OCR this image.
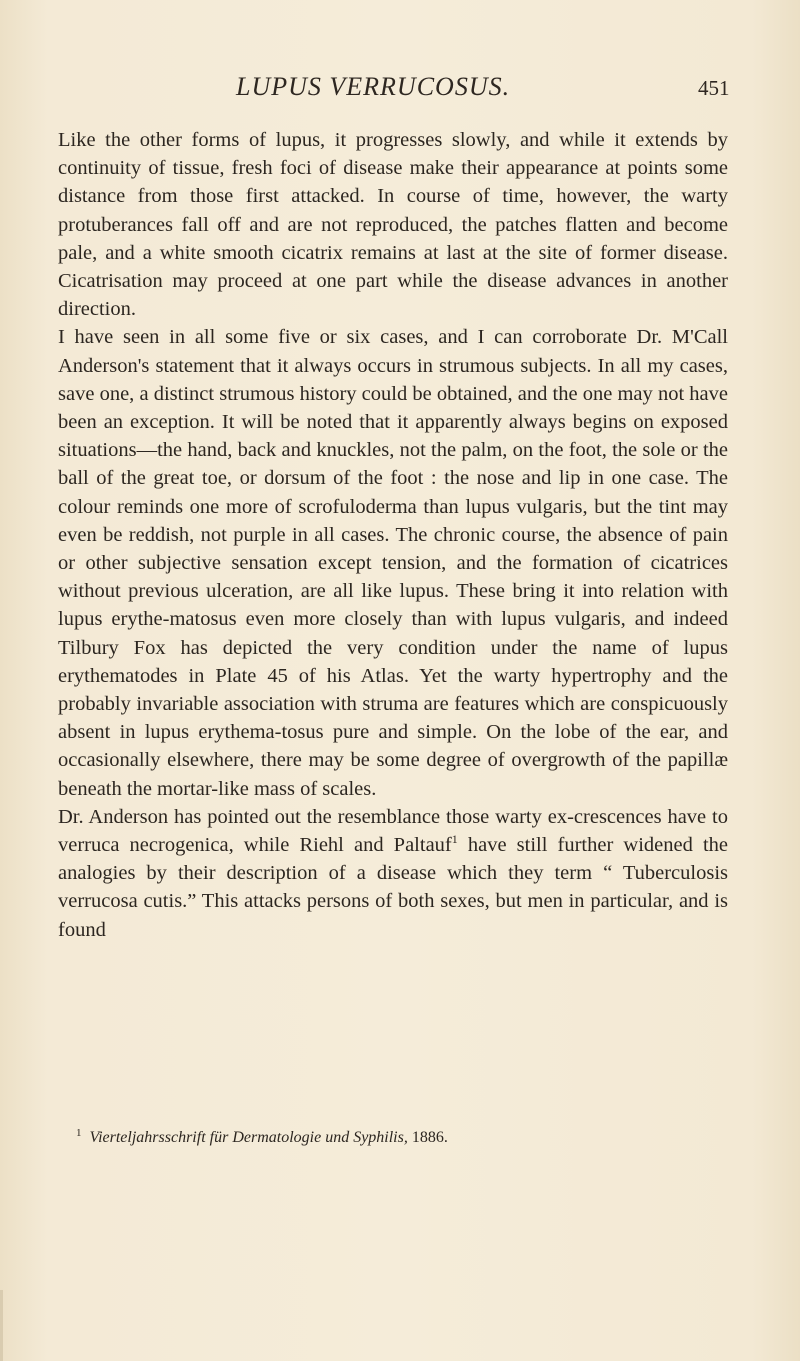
LUPUS VERRUCOSUS.	451

Like the other forms of lupus, it progresses slowly, and while it extends by continuity of tissue, fresh foci of disease make their appearance at points some distance from those first attacked. In course of time, however, the warty protuberances fall off and are not reproduced, the patches flatten and become pale, and a white smooth cicatrix remains at last at the site of former disease. Cicatrisation may proceed at one part while the disease advances in another direction.

I have seen in all some five or six cases, and I can corroborate Dr. M'Call Anderson's statement that it always occurs in strumous subjects. In all my cases, save one, a distinct strumous history could be obtained, and the one may not have been an exception. It will be noted that it apparently always begins on exposed situations—the hand, back and knuckles, not the palm, on the foot, the sole or the ball of the great toe, or dorsum of the foot : the nose and lip in one case. The colour reminds one more of scrofuloderma than lupus vulgaris, but the tint may even be reddish, not purple in all cases. The chronic course, the absence of pain or other subjective sensation except tension, and the formation of cicatrices without previous ulceration, are all like lupus. These bring it into relation with lupus erythe-matosus even more closely than with lupus vulgaris, and indeed Tilbury Fox has depicted the very condition under the name of lupus erythematodes in Plate 45 of his Atlas. Yet the warty hypertrophy and the probably invariable association with struma are features which are conspicuously absent in lupus erythema-tosus pure and simple. On the lobe of the ear, and occasionally elsewhere, there may be some degree of overgrowth of the papillæ beneath the mortar-like mass of scales.

Dr. Anderson has pointed out the resemblance those warty ex-crescences have to verruca necrogenica, while Riehl and Paltauf$^1$ have still further widened the analogies by their description of a disease which they term “ Tuberculosis verrucosa cutis.” This attacks persons of both sexes, but men in particular, and is found

$^1$ Vierteljahrsschrift für Dermatologie und Syphilis, 1886.
